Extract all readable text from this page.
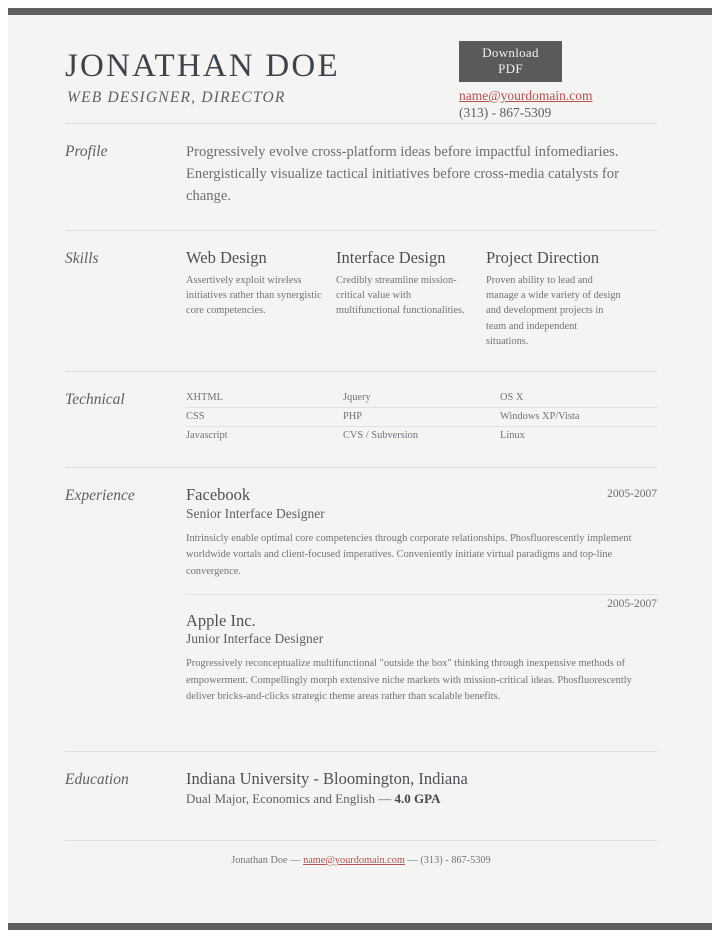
JONATHAN DOE
WEB DESIGNER, DIRECTOR
Download PDF
name@yourdomain.com
(313) - 867-5309
Profile	Progressively evolve cross-platform ideas before impactful infomediaries. Energistically visualize tactical initiatives before cross-media catalysts for change.

Skills	Web Design

Assertively exploit wireless initiatives rather than synergistic core competencies.

Interface Design

Credibly streamline mission-critical value with multifunctional functionalities.

Project Direction

Proven ability to lead and manage a wide variety of design and development projects in team and independent situations.

Technical	XHTML	Jquery	OS X
CSS	PHP	Windows XP/Vista
Javascript	CVS / Subversion	Linux
Experience	2005-2007
Facebook
Senior Interface Designer

Intrinsicly enable optimal core competencies through corporate relationships. Phosfluorescently implement worldwide vortals and client-focused imperatives. Conveniently initiate virtual paradigms and top-line convergence.

2005-2007
Apple Inc.
Junior Interface Designer

Progressively reconceptualize multifunctional "outside the box" thinking through inexpensive methods of empowerment. Compellingly morph extensive niche markets with mission-critical ideas. Phosfluorescently deliver bricks-and-clicks strategic theme areas rather than scalable benefits.

Education	Indiana University - Bloomington, Indiana

Dual Major, Economics and English — 4.0 GPA

Jonathan Doe — name@yourdomain.com — (313) - 867-5309
